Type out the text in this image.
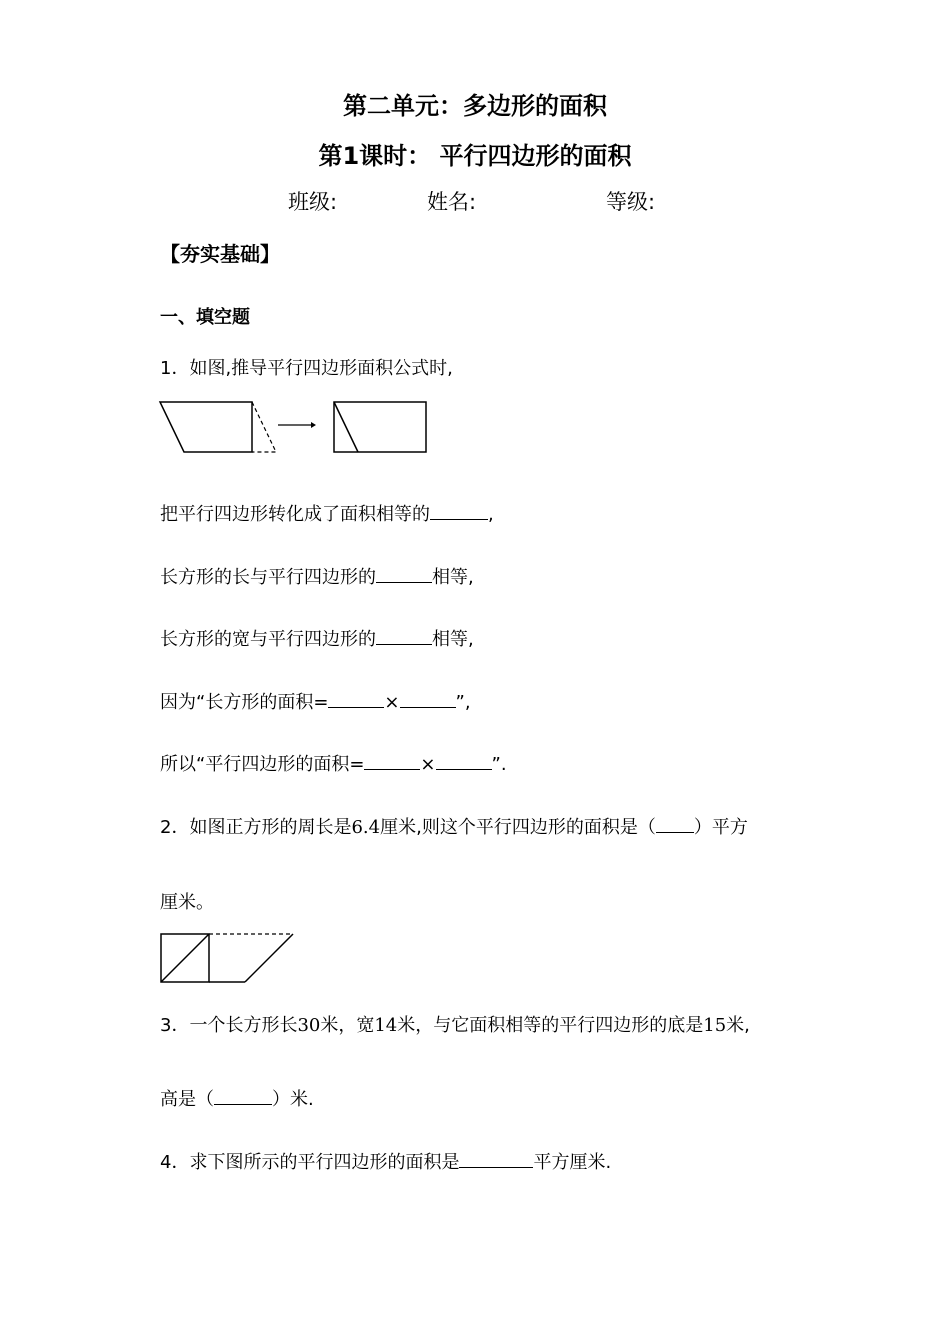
第二单元：多边形的面积
第1课时： 平行四边形的面积
班级:	姓名:	等级:
【夯实基础】
一、填空题
1．如图,推导平行四边形面积公式时,
把平行四边形转化成了面积相等的	,
长方形的长与平行四边形的	相等,
长方形的宽与平行四边形的	相等,
因为“长方形的面积=	×	”,
所以“平行四边形的面积=	×	”.
2．如图正方形的周长是6.4厘米,则这个平行四边形的面积是（ ）平方
厘米。
3．一个长方形长30米，宽14米，与它面积相等的平行四边形的底是15米,
高是（	）米.
4．求下图所示的平行四边形的面积是	平方厘米.
